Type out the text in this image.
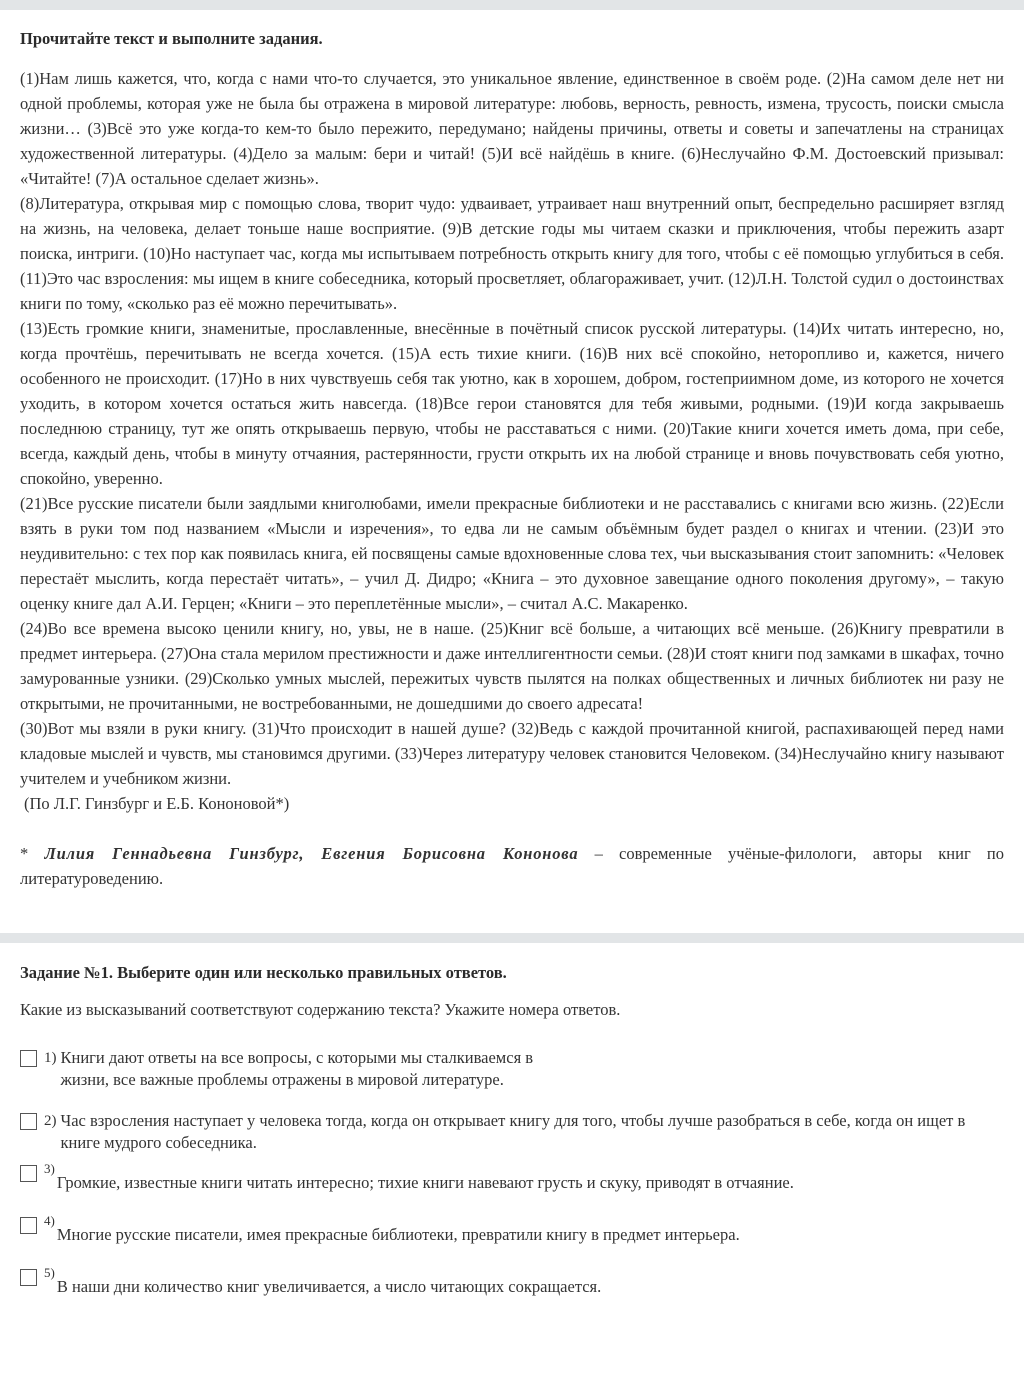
Прочитайте текст и выполните задания.

(1)Нам лишь кажется, что, когда с нами что-то случается, это уникальное явление, единственное в своём роде. (2)На самом деле нет ни одной проблемы, которая уже не была бы отражена в мировой литературе: любовь, верность, ревность, измена, трусость, поиски смысла жизни… (3)Всё это уже когда-то кем-то было пережито, передумано; найдены причины, ответы и советы и запечатлены на страницах художественной литературы. (4)Дело за малым: бери и читай! (5)И всё найдёшь в книге. (6)Неслучайно Ф.М. Достоевский призывал: «Читайте! (7)А остальное сделает жизнь».

(8)Литература, открывая мир с помощью слова, творит чудо: удваивает, утраивает наш внутренний опыт, беспредельно расширяет взгляд на жизнь, на человека, делает тоньше наше восприятие. (9)В детские годы мы читаем сказки и приключения, чтобы пережить азарт поиска, интриги. (10)Но наступает час, когда мы испытываем потребность открыть книгу для того, чтобы с её помощью углубиться в себя. (11)Это час взросления: мы ищем в книге собеседника, который просветляет, облагораживает, учит. (12)Л.Н. Толстой судил о достоинствах книги по тому, «сколько раз её можно перечитывать».

(13)Есть громкие книги, знаменитые, прославленные, внесённые в почётный список русской литературы. (14)Их читать интересно, но, когда прочтёшь, перечитывать не всегда хочется. (15)А есть тихие книги. (16)В них всё спокойно, неторопливо и, кажется, ничего особенного не происходит. (17)Но в них чувствуешь себя так уютно, как в хорошем, добром, гостеприимном доме, из которого не хочется уходить, в котором хочется остаться жить навсегда. (18)Все герои становятся для тебя живыми, родными. (19)И когда закрываешь последнюю страницу, тут же опять открываешь первую, чтобы не расставаться с ними. (20)Такие книги хочется иметь дома, при себе, всегда, каждый день, чтобы в минуту отчаяния, растерянности, грусти открыть их на любой странице и вновь почувствовать себя уютно, спокойно, уверенно.

(21)Все русские писатели были заядлыми книголюбами, имели прекрасные библиотеки и не расставались с книгами всю жизнь. (22)Если взять в руки том под названием «Мысли и изречения», то едва ли не самым объёмным будет раздел о книгах и чтении. (23)И это неудивительно: с тех пор как появилась книга, ей посвящены самые вдохновенные слова тех, чьи высказывания стоит запомнить: «Человек перестаёт мыслить, когда перестаёт читать», – учил Д. Дидро; «Книга – это духовное завещание одного поколения другому», – такую оценку книге дал А.И. Герцен; «Книги – это переплетённые мысли», – считал А.С. Макаренко.

(24)Во все времена высоко ценили книгу, но, увы, не в наше. (25)Книг всё больше, а читающих всё меньше. (26)Книгу превратили в предмет интерьера. (27)Она стала мерилом престижности и даже интеллигентности семьи. (28)И стоят книги под замками в шкафах, точно замурованные узники. (29)Сколько умных мыслей, пережитых чувств пылятся на полках общественных и личных библиотек ни разу не открытыми, не прочитанными, не востребованными, не дошедшими до своего адресата!

(30)Вот мы взяли в руки книгу. (31)Что происходит в нашей душе? (32)Ведь с каждой прочитанной книгой, распахивающей перед нами кладовые мыслей и чувств, мы становимся другими. (33)Через литературу человек становится Человеком. (34)Неслучайно книгу называют учителем и учебником жизни.

(По Л.Г. Гинзбург и Е.Б. Кононовой*)

* Лилия Геннадьевна Гинзбург, Евгения Борисовна Кононова – современные учёные-филологи, авторы книг по литературоведению.

Задание №1. Выберите один или несколько правильных ответов.

Какие из высказываний соответствуют содержанию текста? Укажите номера ответов.

1) Книги дают ответы на все вопросы, с которыми мы сталкиваемся в жизни, все важные проблемы отражены в мировой литературе.
2) Час взросления наступает у человека тогда, когда он открывает книгу для того, чтобы лучше разобраться в себе, когда он ищет в книге мудрого собеседника.
3)
Громкие, известные книги читать интересно; тихие книги навевают грусть и скуку, приводят в отчаяние.
4)
Многие русские писатели, имея прекрасные библиотеки, превратили книгу в предмет интерьера.
5)
В наши дни количество книг увеличивается, а число читающих сокращается.
